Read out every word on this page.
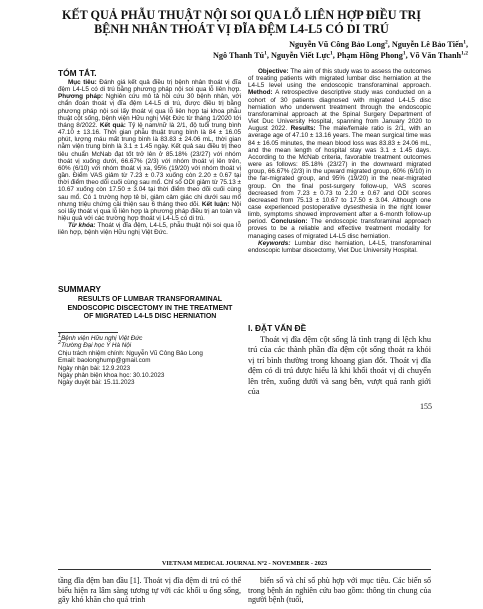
KẾT QUẢ PHẪU THUẬT NỘI SOI QUA LỖ LIÊN HỢP ĐIỀU TRỊ
BỆNH NHÂN THOÁT VỊ ĐĨA ĐỆM L4-L5 CÓ DI TRÚ
Nguyễn Vũ Công Bảo Long$^2$, Nguyễn Lê Bảo Tiến$^1$,
Ngô Thanh $Tú^1$, Nguyễn Viết Lực$^1$, Phạm Hồng Phong$^1$, Võ Văn Thanh$^{1,2}$
TÓM TẮT.
Mục tiêu: Đánh giá kết quả điều trị bệnh nhân thoát vị đĩa đệm L4-L5 có di trú bằng phương pháp nội soi qua lỗ liên hợp. Phương pháp: Nghiên cứu mô tả hồi cứu 30 bệnh nhân, với chẩn đoán thoát vị đĩa đệm L4-L5 di trú, được điều trị bằng phương pháp nội soi lấy thoát vị qua lỗ liên hợp tại khoa phẫu thuật cột sống, bệnh viện Hữu nghị Việt Đức từ tháng 1/2020 tới tháng 8/2022. Kết quả: Tỷ lệ nam/nữ là 2/1, độ tuổi trung bình 47.10 ± 13.16. Thời gian phẫu thuật trung bình là 84 ± 16.05 phút, lượng máu mất trung bình là 83.83 ± 24.06 mL, thời gian nằm viện trung bình là 3.1 ± 1.45 ngày. Kết quả sau điều trị theo tiêu chuẩn McNab đạt tốt trở lên ở 85.18% (23/27) với nhóm thoát vị xuống dưới, 66.67% (2/3) với nhóm thoát vị lên trên, 60% (6/10) với nhóm thoát vị xa, 95% (19/20) với nhóm thoát vị gần. Điểm VAS giảm từ 7.23 ± 0.73 xuống còn 2.20 ± 0.67 tại thời điểm theo dõi cuối cùng sau mổ. Chỉ số ODI giảm từ 75.13 ± 10.67 xuống còn 17.50 ± 3.04 tại thời điểm theo dõi cuối cùng sau mổ. Có 1 trường hợp tê bì, giảm cảm giác chi dưới sau mổ nhưng triệu chứng cải thiện sau 6 tháng theo dõi. Kết luận: Nội soi lấy thoát vị qua lỗ liên hợp là phương pháp điều trị an toàn và hiệu quả với các trường hợp thoát vị L4-L5 có di trú.
Từ khóa: Thoát vị đĩa đệm, L4-L5, phẫu thuật nội soi qua lỗ liên hợp, bệnh viện Hữu nghị Việt Đức.
SUMMARY
RESULTS OF LUMBAR TRANSFORAMINAL ENDOSCOPIC DISCECTOMY IN THE TREATMENT OF MIGRATED L4-L5 DISC HERNIATION
1Bệnh viện Hữu nghị Việt Đức
2Trường Đại học Y Hà Nội
Chịu trách nhiệm chính: Nguyễn Vũ Công Bảo Long
Email: baolonghump@gmail.com
Ngày nhận bài: 12.9.2023
Ngày phản biện khoa học: 30.10.2023
Ngày duyệt bài: 15.11.2023
Objective: The aim of this study was to assess the outcomes of treating patients with migrated lumbar disc herniation at the L4-L5 level using the endoscopic transforaminal approach. Method: A retrospective descriptive study was conducted on a cohort of 30 patients diagnosed with migrated L4-L5 disc herniation who underwent treatment through the endoscopic transforaminal approach at the Spinal Surgery Department of Viet Duc University Hospital, spanning from January 2020 to August 2022. Results: The male/female ratio is 2/1, with an average age of 47.10 ± 13.16 years. The mean surgical time was 84 ± 16.05 minutes, the mean blood loss was 83.83 ± 24.06 mL, and the mean length of hospital stay was 3.1 ± 1.45 days. According to the McNab criteria, favorable treatment outcomes were as follows: 85.18% (23/27) in the downward migrated group, 66.67% (2/3) in the upward migrated group, 60% (6/10) in the far-migrated group, and 95% (19/20) in the near-migrated group. On the final post-surgery follow-up, VAS scores decreased from 7.23 ± 0.73 to 2.20 ± 0.67 and ODI scores decreased from 75.13 ± 10.67 to 17.50 ± 3.04. Although one case experienced postoperative dysesthesia in the right lower limb, symptoms showed improvement after a 6-month follow-up period. Conclusion: The endoscopic transforaminal approach proves to be a reliable and effective treatment modality for managing cases of migrated L4-L5 disc herniation.
Keywords: Lumbar disc herniation, L4-L5, transforaminal endoscopic lumbar discectomy, Viet Duc University Hospital.
I. ĐẶT VẤN ĐỀ
Thoát vị đĩa đệm cột sống là tình trạng di lệch khu trú của các thành phần đĩa đệm cột sống thoát ra khỏi vị trí bình thường trong khoang gian đốt. Thoát vị đĩa đệm có di trú được hiểu là khi khối thoát vị di chuyển lên trên, xuống dưới và sang bên, vượt quá ranh giới của
155
VIETNAM MEDICAL JOURNAL Nº2 - NOVEMBER - 2023
tầng đĩa đệm ban đầu [1]. Thoát vị đĩa đệm di trú có thể biểu hiện ra lâm sàng tương tự với các khối u ống sống, gây khó khăn cho quá trình
biến số và chỉ số phù hợp với mục tiêu. Các biến số trong bệnh án nghiên cứu bao gồm: thông tin chung của người bệnh (tuổi,
